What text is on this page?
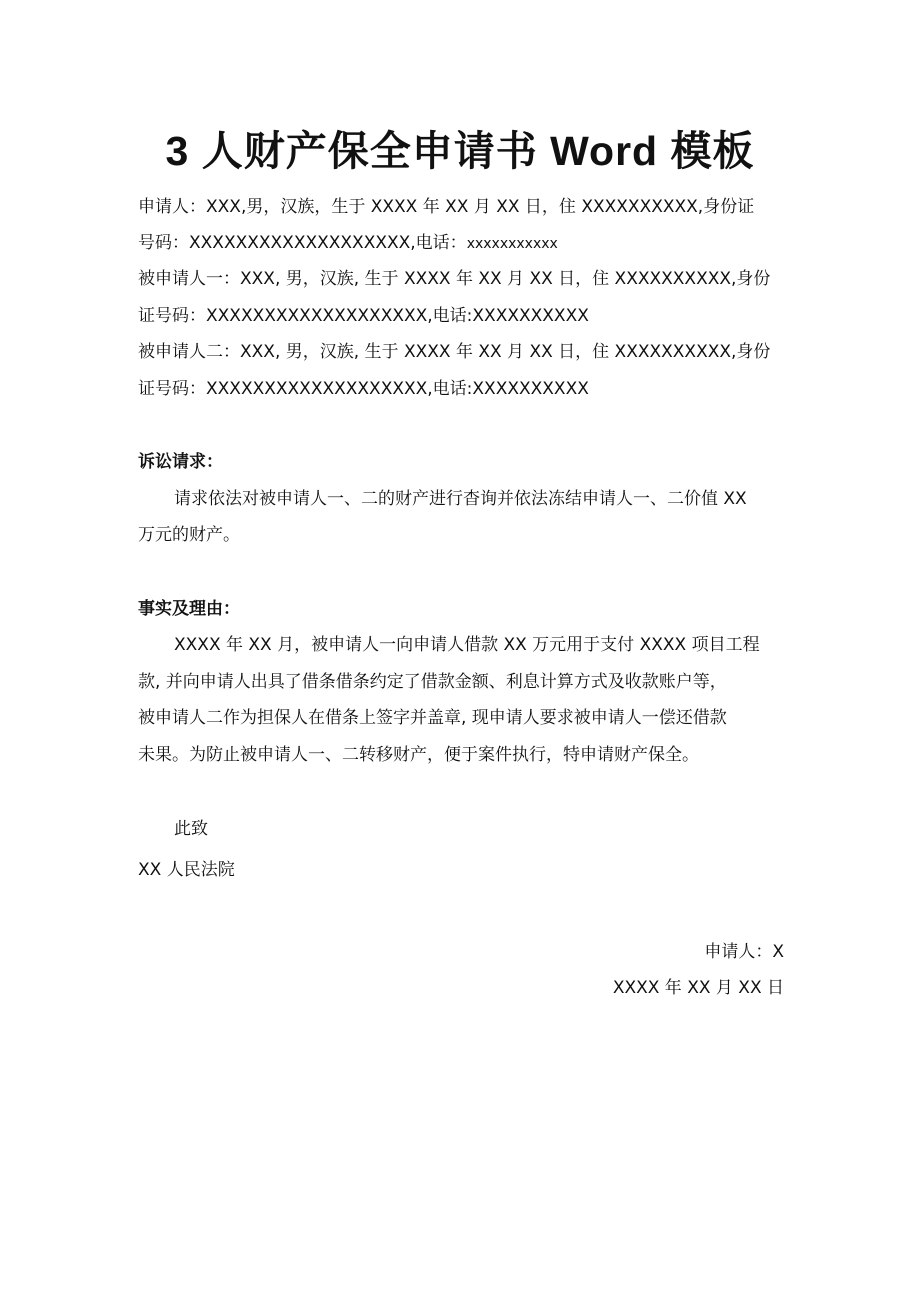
3 人财产保全申请书 Word 模板

申请人：XXX,男，汉族，生于 XXXX 年 XX 月 XX 日，住 XXXXXXXXXX,身份证

号码：XXXXXXXXXXXXXXXXXXX,电话：xxxxxxxxxxx

被申请人一：XXX, 男，汉族, 生于 XXXX 年 XX 月 XX 日，住 XXXXXXXXXX,身份

证号码：XXXXXXXXXXXXXXXXXXX,电话:XXXXXXXXXX

被申请人二：XXX, 男，汉族, 生于 XXXX 年 XX 月 XX 日，住 XXXXXXXXXX,身份

证号码：XXXXXXXXXXXXXXXXXXX,电话:XXXXXXXXXX

诉讼请求：

请求依法对被申请人一、二的财产进行杳询并依法冻结申请人一、二价值 XX

万元的财产。

事实及理由：

XXXX 年 XX 月，被申请人一向申请人借款 XX 万元用于支付 XXXX 项目工程

款, 并向申请人出具了借条借条约定了借款金额、利息计算方式及收款账户等，

被申请人二作为担保人在借条上签字并盖章, 现申请人要求被申请人一偿还借款

未果。为防止被申请人一、二转移财产，便于案件执行，特申请财产保全。

此致

XX 人民法院

申请人：X

XXXX 年 XX 月 XX 日
